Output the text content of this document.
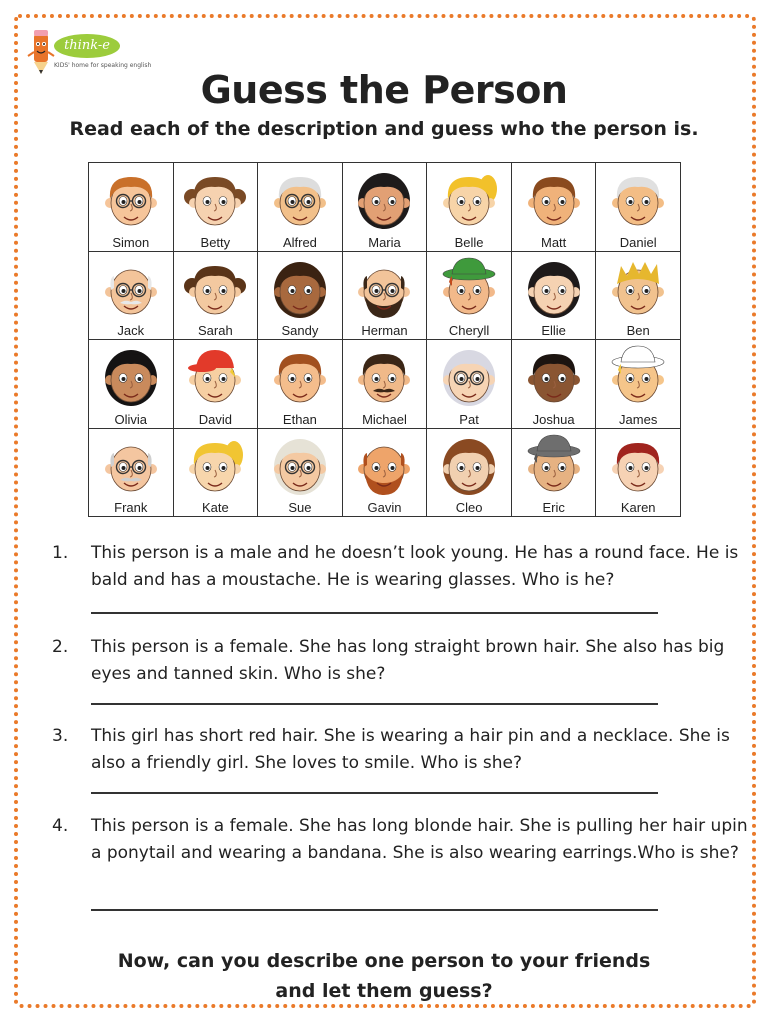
think-e
KIDS' home for speaking english
Guess the Person
Read each of the description and guess who the person is.
Simon	Betty	Alfred	Maria	Belle	Matt	Daniel
Jack	Sarah	Sandy	Herman	Cheryll	Ellie	Ben
Olivia	David	Ethan	Michael	Pat	Joshua	James
Frank	Kate	Sue	Gavin	Cleo	Eric	Karen
1.	This person is a male and he doesn’t look young. He has a round face. He is bald and has a moustache. He is wearing glasses. Who is he?
2.	This person is a female. She has long straight brown hair. She also has big eyes and tanned skin. Who is she?
3.	This girl has short red hair. She is wearing a hair pin and a necklace. She is also a friendly girl. She loves to smile. Who is she?
4.	This person is a female. She has long blonde hair. She is pulling her hair upin a ponytail and wearing a bandana. She is also wearing earrings.Who is she?
Now, can you describe one person to your friends
and let them guess?
